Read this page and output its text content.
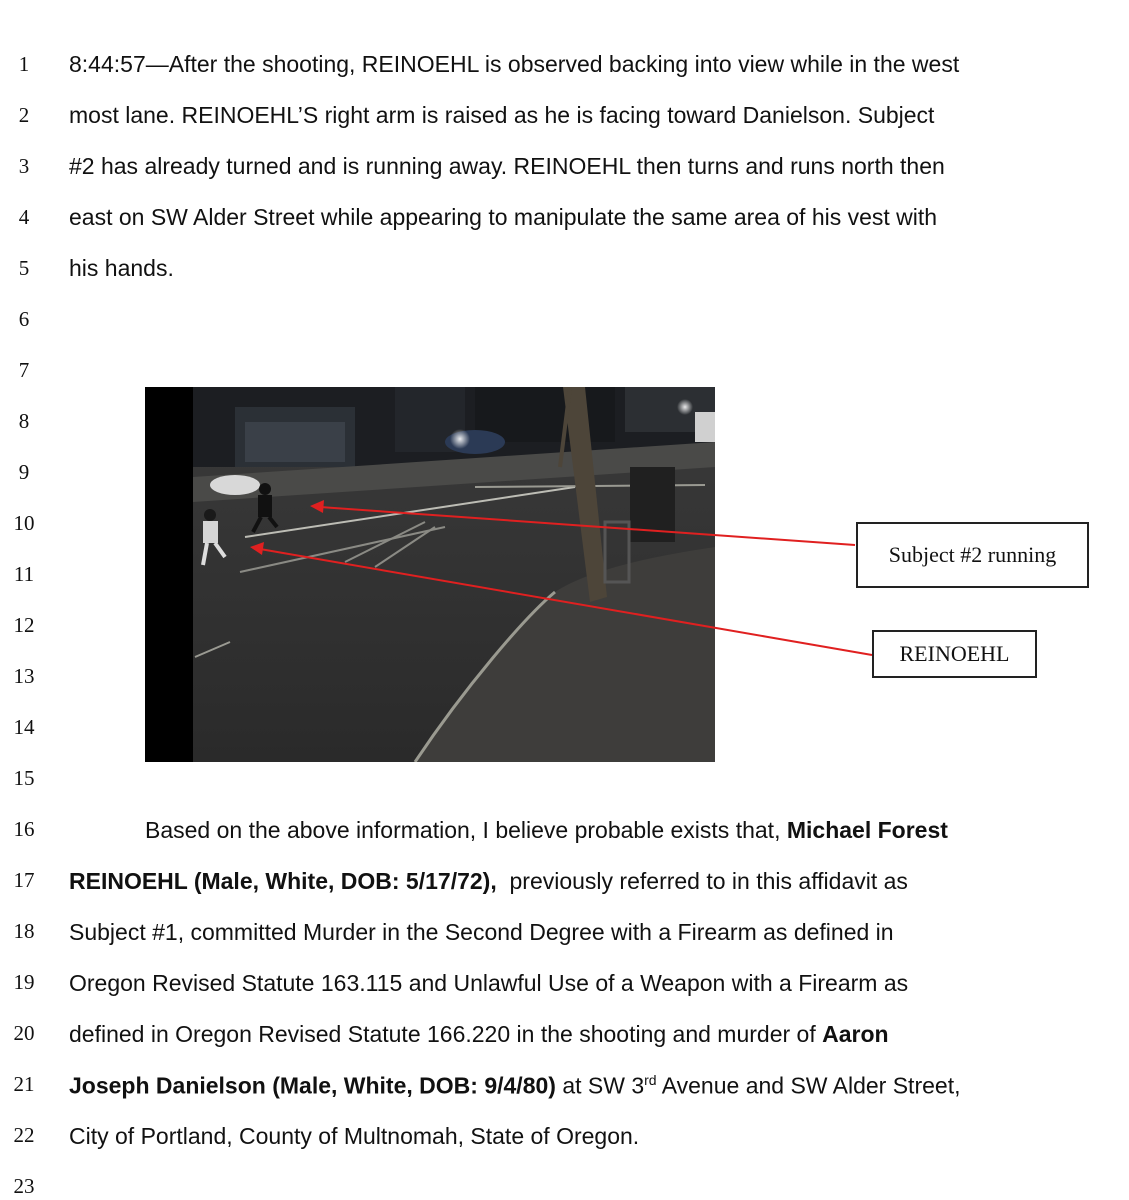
1
2
3
4
5
6
7
8
9
10
11
12
13
14
15
16
17
18
19
20
21
22
23
8:44:57—After the shooting, REINOEHL is observed backing into view while in the west
most lane. REINOEHL’S right arm is raised as he is facing toward Danielson. Subject
#2 has already turned and is running away. REINOEHL then turns and runs north then
east on SW Alder Street while appearing to manipulate the same area of his vest with
his hands.
Subject #2 running
REINOEHL
Based on the above information, I believe probable exists that, Michael Forest
REINOEHL (Male, White, DOB: 5/17/72), previously referred to in this affidavit as
Subject #1, committed Murder in the Second Degree with a Firearm as defined in
Oregon Revised Statute 163.115 and Unlawful Use of a Weapon with a Firearm as
defined in Oregon Revised Statute 166.220 in the shooting and murder of Aaron
Joseph Danielson (Male, White, DOB: 9/4/80) at SW 3rd Avenue and SW Alder Street,
City of Portland, County of Multnomah, State of Oregon.
